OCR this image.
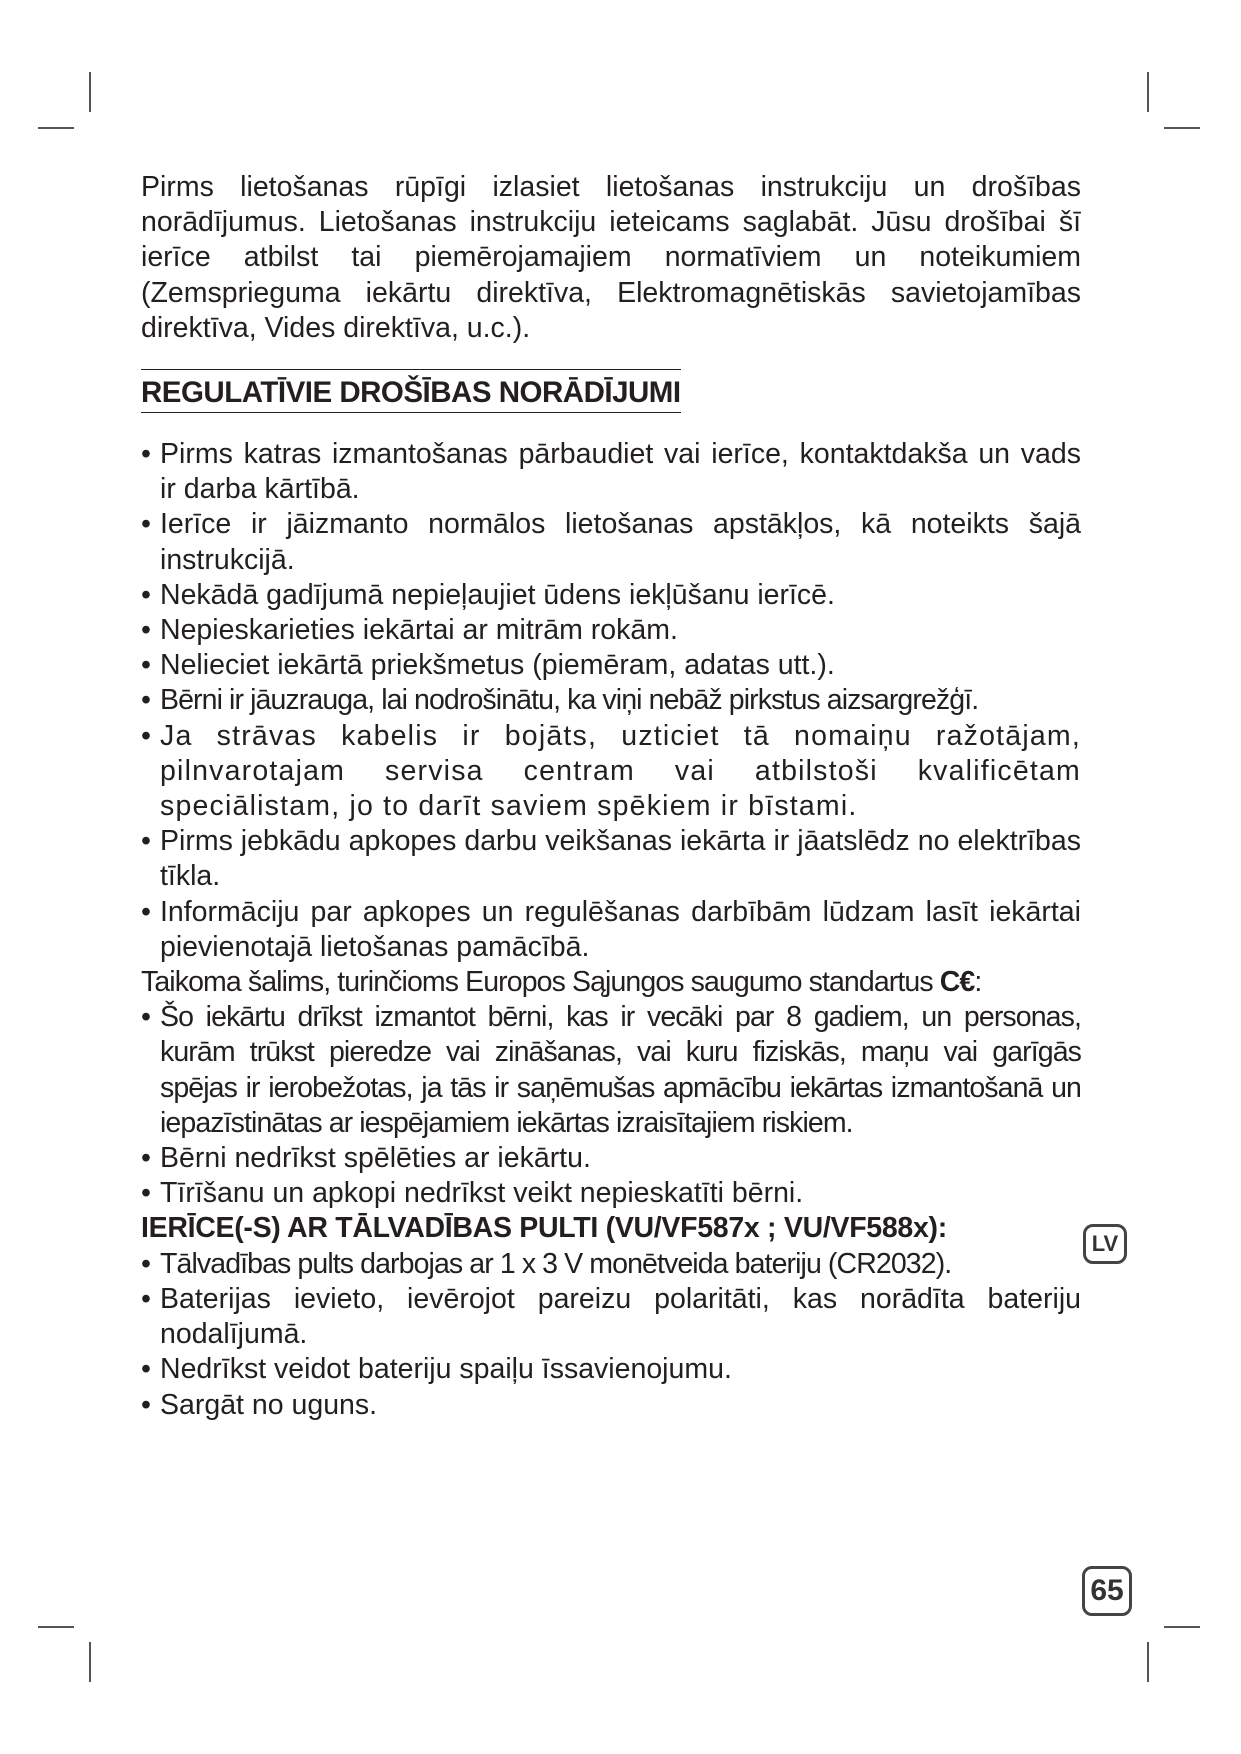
Pirms lietošanas rūpīgi izlasiet lietošanas instrukciju un drošības norādījumus. Lietošanas instrukciju ieteicams saglabāt. Jūsu drošībai šī ierīce atbilst tai piemērojamajiem normatīviem un noteikumiem (Zemsprieguma iekārtu direktīva, Elektromagnētiskās savietojamības direktīva, Vides direktīva, u.c.).

REGULATĪVIE DROŠĪBAS NORĀDĪJUMI
• Pirms katras izmantošanas pārbaudiet vai ierīce, kontaktdakša un vads ir darba kārtībā.
• Ierīce ir jāizmanto normālos lietošanas apstākļos, kā noteikts šajā instrukcijā.
• Nekādā gadījumā nepieļaujiet ūdens iekļūšanu ierīcē.
• Nepieskarieties iekārtai ar mitrām rokām.
• Nelieciet iekārtā priekšmetus (piemēram, adatas utt.).
• Bērni ir jāuzrauga, lai nodrošinātu, ka viņi nebāž pirkstus aizsargrežģī.
• Ja strāvas kabelis ir bojāts, uzticiet tā nomaiņu ražotājam, pilnvarotajam servisa centram vai atbilstoši kvalificētam speciālistam, jo to darīt saviem spēkiem ir bīstami.
• Pirms jebkādu apkopes darbu veikšanas iekārta ir jāatslēdz no elektrības tīkla.
• Informāciju par apkopes un regulēšanas darbībām lūdzam lasīt iekārtai pievienotajā lietošanas pamācībā.

Taikoma šalims, turinčioms Europos Sąjungos saugumo standartus C€:

• Šo iekārtu drīkst izmantot bērni, kas ir vecāki par 8 gadiem, un personas, kurām trūkst pieredze vai zināšanas, vai kuru fiziskās, maņu vai garīgās spējas ir ierobežotas, ja tās ir saņēmušas apmācību iekārtas izmantošanā un iepazīstinātas ar iespējamiem iekārtas izraisītajiem riskiem.
• Bērni nedrīkst spēlēties ar iekārtu.
• Tīrīšanu un apkopi nedrīkst veikt nepieskatīti bērni.

IERĪCE(-S) AR TĀLVADĪBAS PULTI (VU/VF587x ; VU/VF588x):

• Tālvadības pults darbojas ar 1 x 3 V monētveida bateriju (CR2032).
• Baterijas ievieto, ievērojot pareizu polaritāti, kas norādīta bateriju nodalījumā.
• Nedrīkst veidot bateriju spaiļu īssavienojumu.
• Sargāt no uguns.
LV
65
